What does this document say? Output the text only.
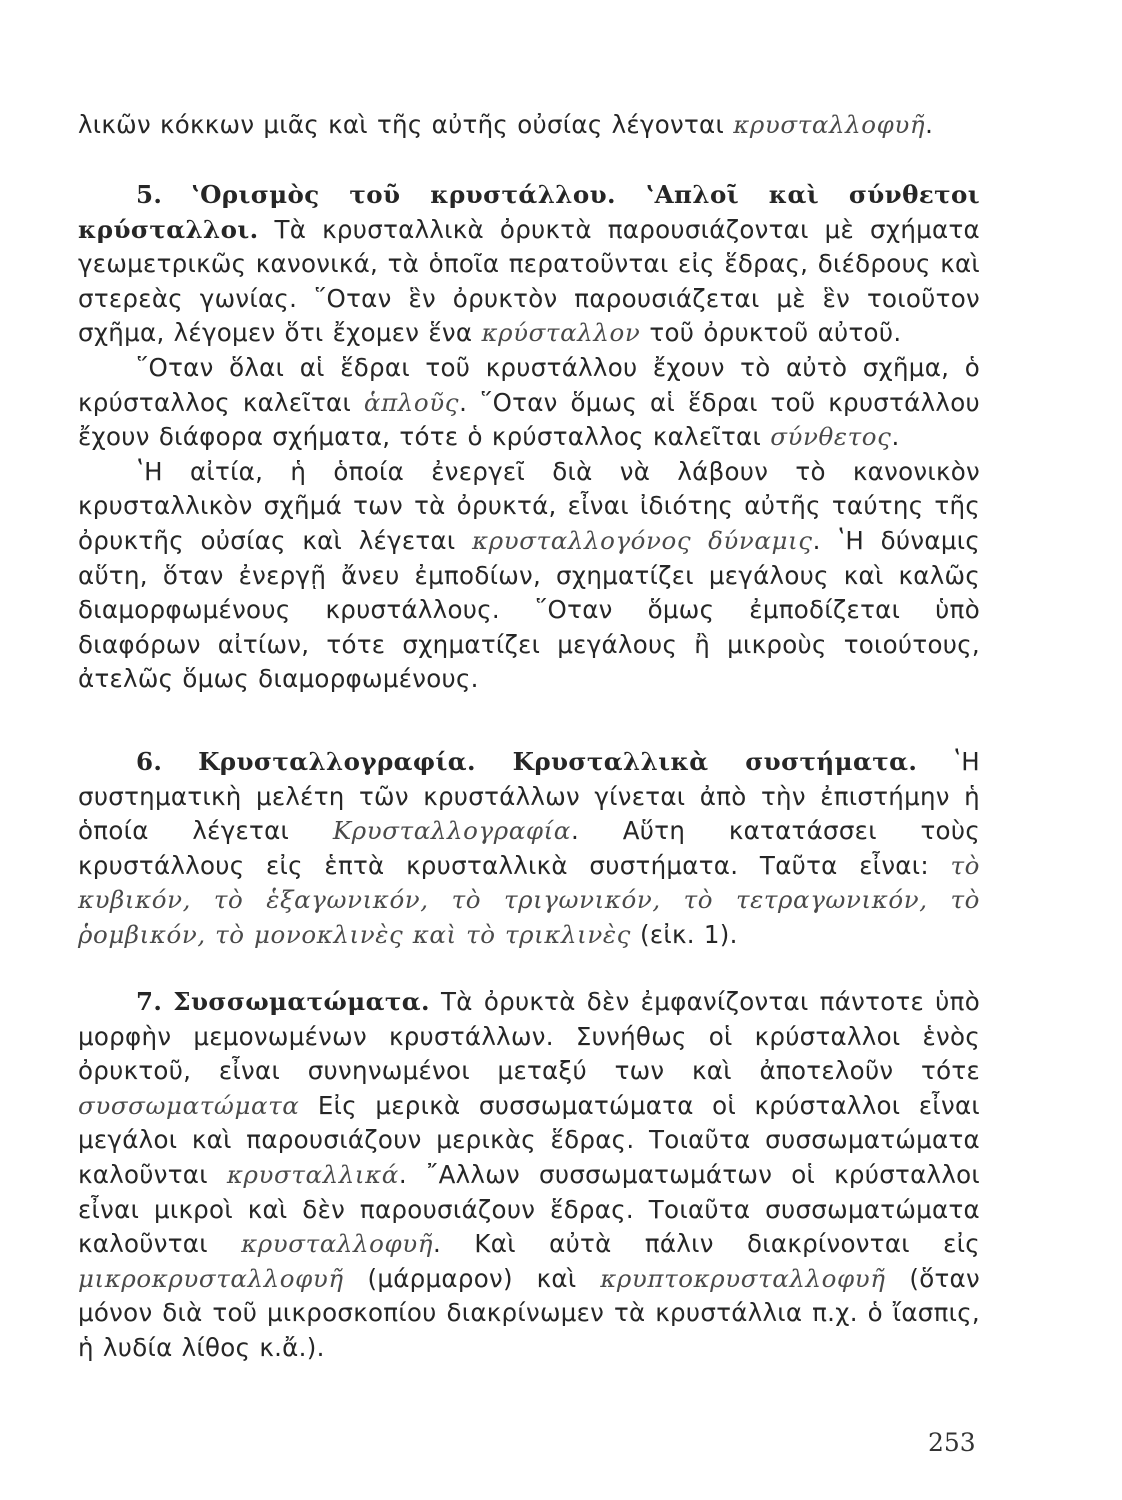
λικῶν κόκκων μιᾶς καὶ τῆς αὐτῆς οὐσίας λέγονται κρυσταλλοφυῆ.

5. ʽΟρισμὸς τοῦ κρυστάλλου. ʽΑπλοῖ καὶ σύνθετοι κρύσταλλοι. Τὰ κρυσταλλικὰ ὀρυκτὰ παρουσιάζονται μὲ σχήματα γεωμετρικῶς κανονικά, τὰ ὁποῖα περατοῦνται εἰς ἕδρας, διέδρους καὶ στερεὰς γωνίας. ῞Οταν ἓν ὀρυκτὸν παρουσιάζεται μὲ ἓν τοιοῦτον σχῆμα, λέγομεν ὅτι ἔχομεν ἕνα κρύσταλλον τοῦ ὀρυκτοῦ αὐτοῦ.

῞Οταν ὅλαι αἱ ἕδραι τοῦ κρυστάλλου ἔχουν τὸ αὐτὸ σχῆμα, ὁ κρύσταλλος καλεῖται ἁπλοῦς. ῞Οταν ὅμως αἱ ἕδραι τοῦ κρυστάλλου ἔχουν διάφορα σχήματα, τότε ὁ κρύσταλλος καλεῖται σύνθετος.

ʽΗ αἰτία, ἡ ὁποία ἐνεργεῖ διὰ νὰ λάβουν τὸ κανονικὸν κρυσταλλικὸν σχῆμά των τὰ ὀρυκτά, εἶναι ἰδιότης αὐτῆς ταύτης τῆς ὀρυκτῆς οὐσίας καὶ λέγεται κρυσταλλογόνος δύναμις. ʽΗ δύναμις αὕτη, ὅταν ἐνεργῇ ἄνευ ἐμποδίων, σχηματίζει μεγάλους καὶ καλῶς διαμορφωμένους κρυστάλλους. ῞Οταν ὅμως ἐμποδίζεται ὑπὸ διαφόρων αἰτίων, τότε σχηματίζει μεγάλους ἢ μικροὺς τοιούτους, ἀτελῶς ὅμως διαμορφωμένους.

6. Κρυσταλλογραφία. Κρυσταλλικὰ συστήματα. ʽΗ συστηματικὴ μελέτη τῶν κρυστάλλων γίνεται ἀπὸ τὴν ἐπιστήμην ἡ ὁποία λέγεται Κρυσταλλογραφία. Αὕτη κατατάσσει τοὺς κρυστάλλους εἰς ἑπτὰ κρυσταλλικὰ συστήματα. Ταῦτα εἶναι: τὸ κυβικόν, τὸ ἑξαγωνικόν, τὸ τριγωνικόν, τὸ τετραγωνικόν, τὸ ῥομβικόν, τὸ μονοκλινὲς καὶ τὸ τρικλινὲς (εἰκ. 1).

7. Συσσωματώματα. Τὰ ὀρυκτὰ δὲν ἐμφανίζονται πάντοτε ὑπὸ μορφὴν μεμονωμένων κρυστάλλων. Συνήθως οἱ κρύσταλλοι ἑνὸς ὀρυκτοῦ, εἶναι συνηνωμένοι μεταξύ των καὶ ἀποτελοῦν τότε συσσωματώματα Εἰς μερικὰ συσσωματώματα οἱ κρύσταλλοι εἶναι μεγάλοι καὶ παρουσιάζουν μερικὰς ἕδρας. Τοιαῦτα συσσωματώματα καλοῦνται κρυσταλλικά. ῎Αλλων συσσωματωμάτων οἱ κρύσταλλοι εἶναι μικροὶ καὶ δὲν παρουσιάζουν ἕδρας. Τοιαῦτα συσσωματώματα καλοῦνται κρυσταλλοφυῆ. Καὶ αὐτὰ πάλιν διακρίνονται εἰς μικροκρυσταλλοφυῆ (μάρμαρον) καὶ κρυπτοκρυσταλλοφυῆ (ὅταν μόνον διὰ τοῦ μικροσκοπίου διακρίνωμεν τὰ κρυστάλλια π.χ. ὁ ἴασπις, ἡ λυδία λίθος κ.ἄ.).

253
